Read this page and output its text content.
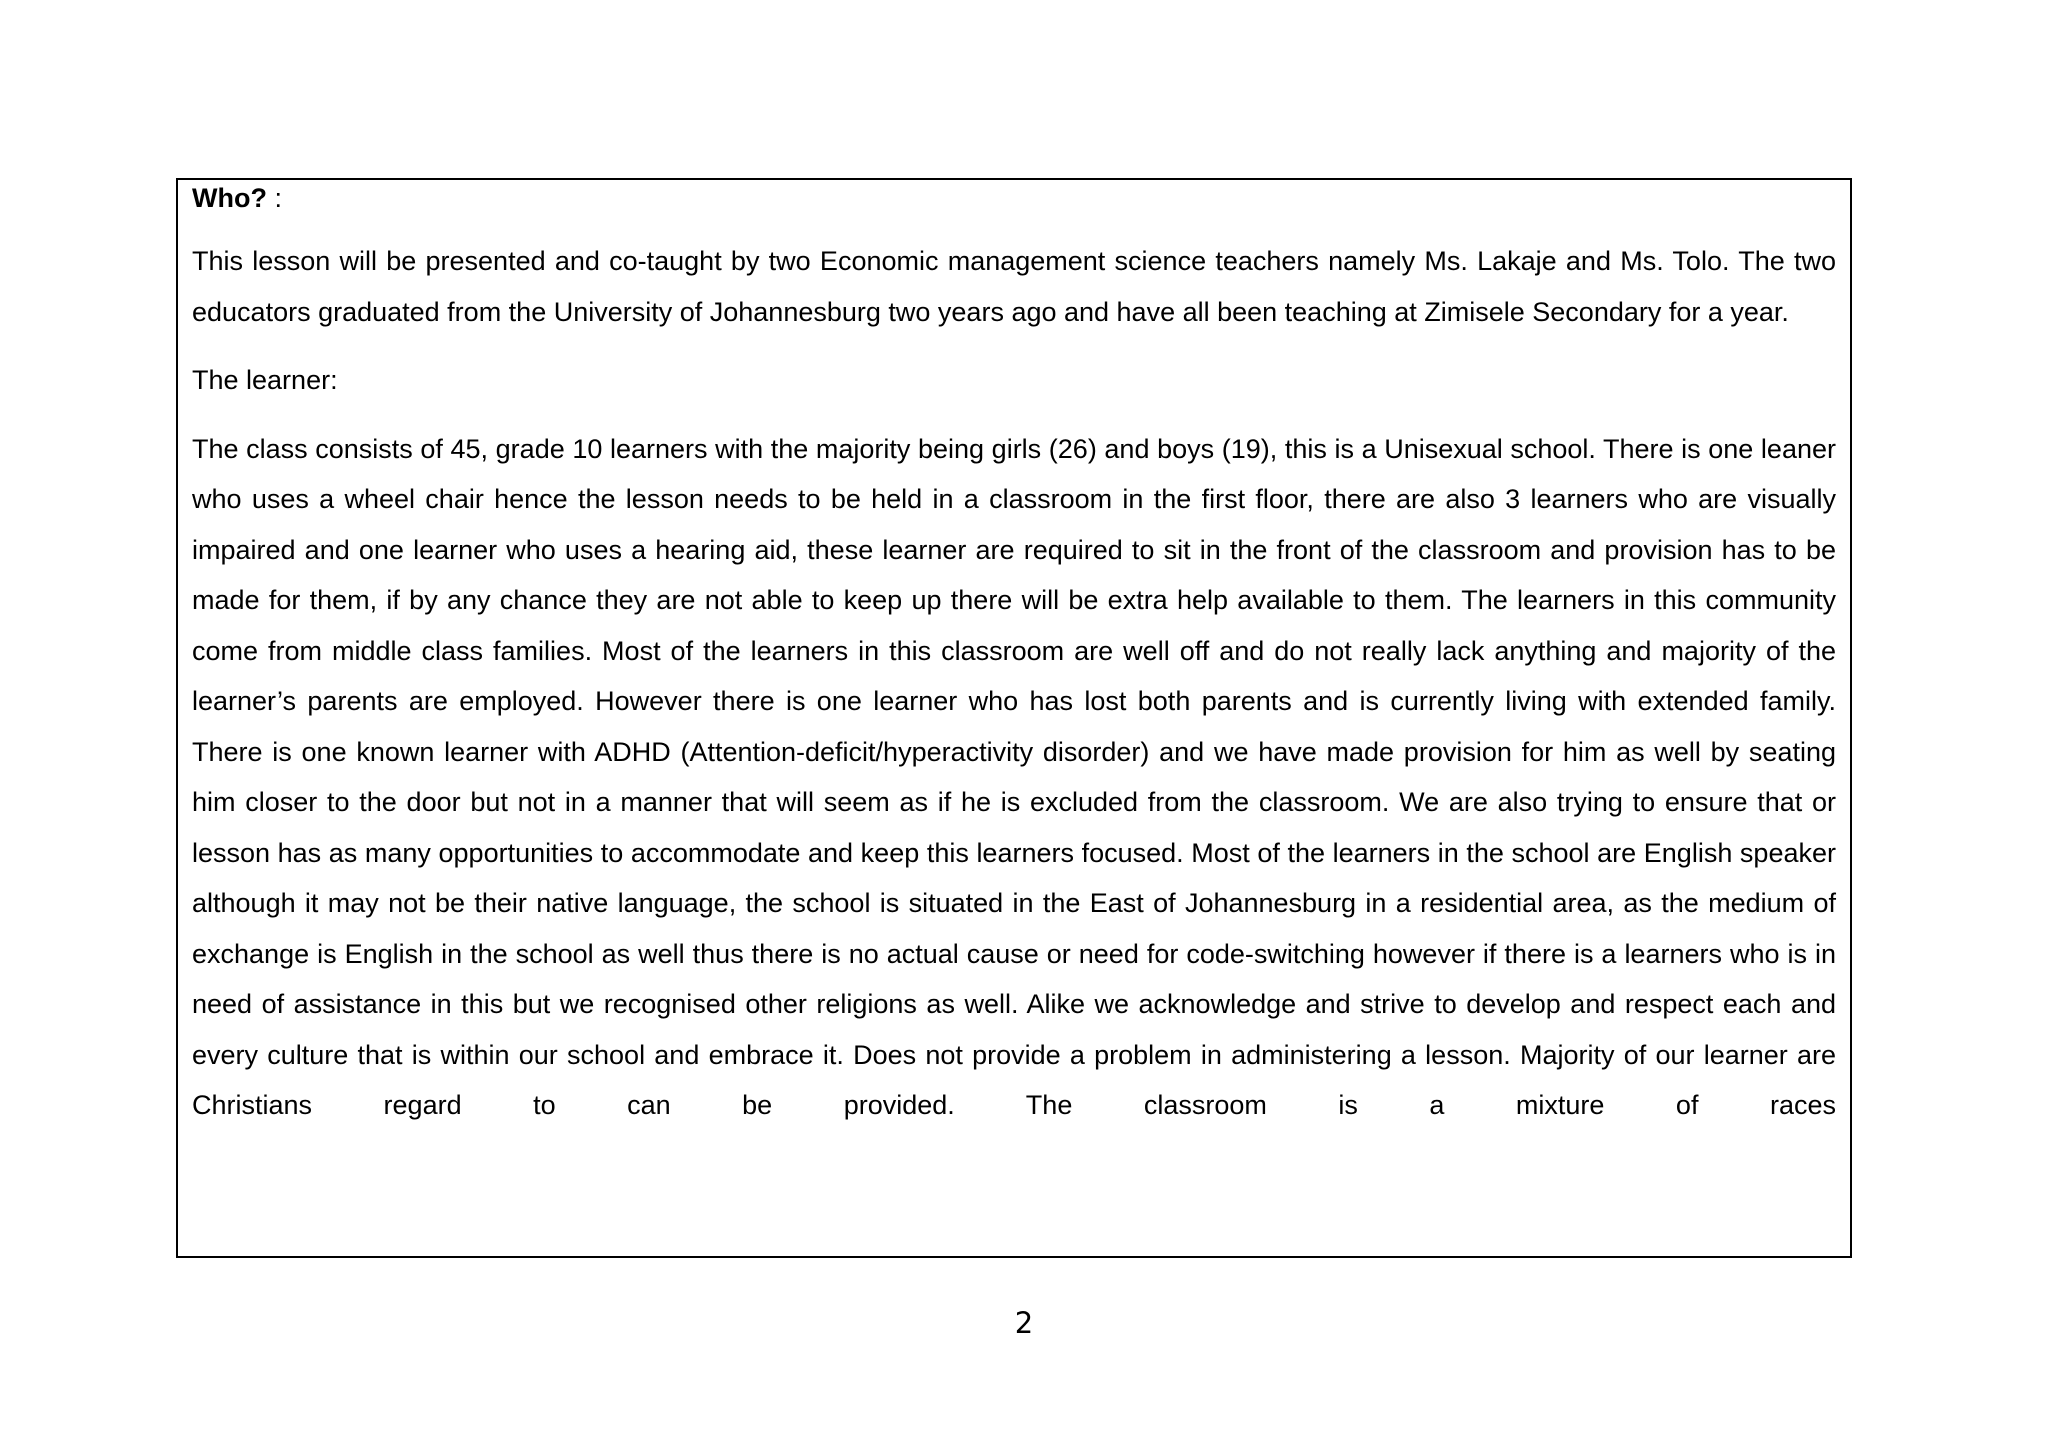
Who? :

This lesson will be presented and co-taught by two Economic management science teachers namely Ms. Lakaje and Ms. Tolo. The two educators graduated from the University of Johannesburg two years ago and have all been teaching at Zimisele Secondary for a year.

The learner:

The class consists of 45, grade 10 learners with the majority being girls (26) and boys (19), this is a Unisexual school. There is one leaner who uses a wheel chair hence the lesson needs to be held in a classroom in the first floor, there are also 3 learners who are visually impaired and one learner who uses a hearing aid, these learner are required to sit in the front of the classroom and provision has to be made for them, if by any chance they are not able to keep up there will be extra help available to them. The learners in this community come from middle class families. Most of the learners in this classroom are well off and do not really lack anything and majority of the learner’s parents are employed. However there is one learner who has lost both parents and is currently living with extended family. There is one known learner with ADHD (Attention-deficit/hyperactivity disorder) and we have made provision for him as well by seating him closer to the door but not in a manner that will seem as if he is excluded from the classroom. We are also trying to ensure that or lesson has as many opportunities to accommodate and keep this learners focused. Most of the learners in the school are English speaker although it may not be their native language, the school is situated in the East of Johannesburg in a residential area, as the medium of exchange is English in the school as well thus there is no actual cause or need for code-switching however if there is a learners who is in need of assistance in this but we recognised other religions as well. Alike we acknowledge and strive to develop and respect each and every culture that is within our school and embrace it. Does not provide a problem in administering a lesson. Majority of our learner are Christians regard to can be provided. The classroom is a mixture of races

2
